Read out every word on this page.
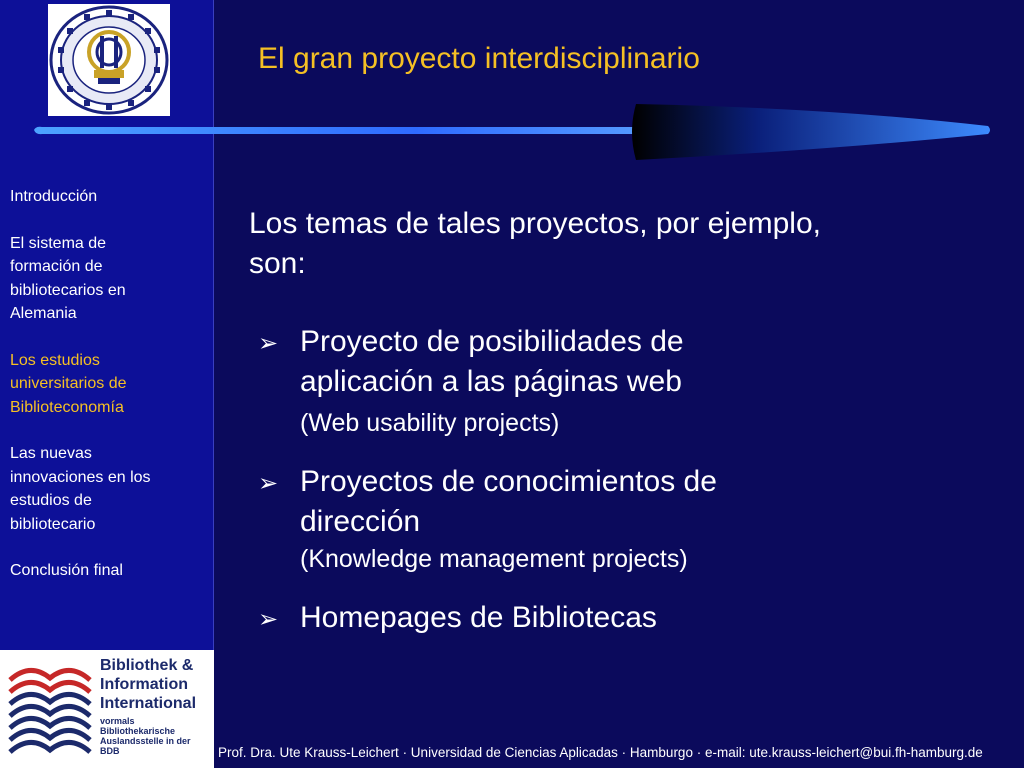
Introducción
El sistema de
formación de
bibliotecarios en
Alemania
Los estudios
universitarios de
Biblioteconomía
Las nuevas
innovaciones en los
estudios de
bibliotecario
Conclusión final
Bibliothek &
Information
International
vormals Bibliothekarische
Auslandsstelle in der BDB
El gran proyecto interdisciplinario
Los temas de tales proyectos, por ejemplo,
son:
➢ Proyecto de posibilidades de
aplicación a las páginas web
(Web usability projects)
➢ Proyectos de conocimientos de
dirección
(Knowledge management projects)
➢ Homepages de Bibliotecas
Prof. Dra. Ute Krauss-Leichert · Universidad de Ciencias Aplicadas · Hamburgo · e-mail: ute.krauss-leichert@bui.fh-hamburg.de
